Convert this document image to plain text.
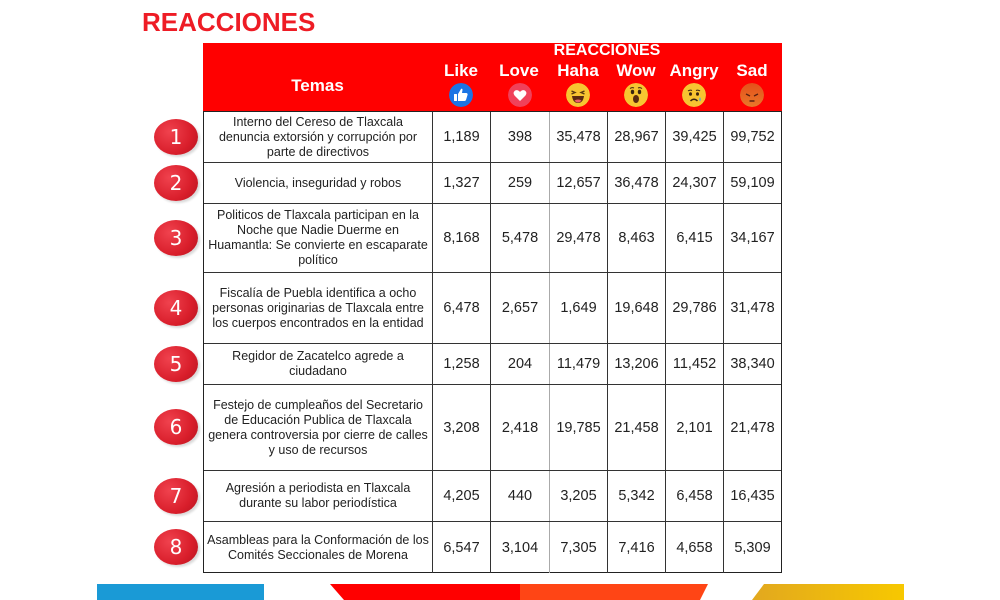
REACCIONES
Temas
REACCIONES
Like	Love	Haha	Wow Angry	Sad
Interno del Cereso de Tlaxcala denuncia extorsión y corrupción por parte de directivos
1,189	398	35,478 28,967 39,425 99,752
Violencia, inseguridad y robos	1,327	259	12,657 36,478 24,307 59,109
Politicos de Tlaxcala participan en la Noche que Nadie Duerme en Huamantla: Se convierte en escaparate político
8,168	5,478	29,478	8,463	6,415	34,167
Fiscalía de Puebla identifica a ocho personas originarias de Tlaxcala entre los cuerpos encontrados en la entidad
6,478	2,657	1,649	19,648 29,786 31,478
Regidor de Zacatelco agrede a ciudadano	1,258	204	11,479 13,206 11,452 38,340
Festejo de cumpleaños del Secretario de Educación Publica de Tlaxcala genera controversia por cierre de calles y uso de recursos
3,208	2,418	19,785 21,458	2,101	21,478
Agresión a periodista en Tlaxcala durante su labor periodística	4,205	440	3,205	5,342	6,458	16,435
Asambleas para la Conformación de los Comités Seccionales de Morena	6,547	3,104	7,305	7,416	4,658	5,309
1
2
3
4
5
6
7
8
